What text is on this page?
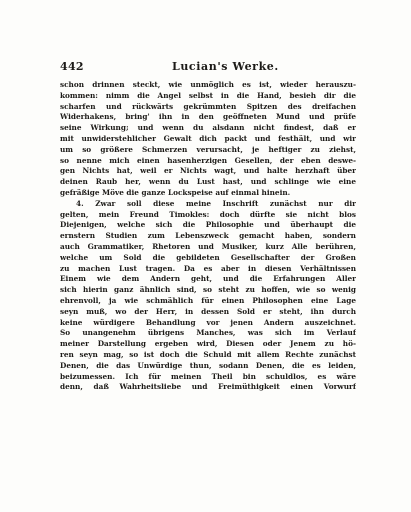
442	Lucian's Werke.
schon drinnen steckt, wie unmöglich es ist, wieder herauszu-
kommen: nimm die Angel selbst in die Hand, besieh dir die
scharfen und rückwärts gekrümmten Spitzen des dreifachen
Widerhakens, bring' ihn in den geöffneten Mund und prüfe
seine Wirkung; und wenn du alsdann nicht findest, daß er
mit unwiderstehlicher Gewalt dich packt und festhält, und wir
um so größere Schmerzen verursacht, je heftiger zu ziehst,
so nenne mich einen hasenherzigen Gesellen, der eben deswe-
gen Nichts hat, weil er Nichts wagt, und halte herzhaft über
deinen Raub her, wenn du Lust hast, und schlinge wie eine
gefräßige Möve die ganze Lockspeise auf einmal hinein.
4. Zwar soll diese meine Inschrift zunächst nur dir
gelten, mein Freund Timokles: doch dürfte sie nicht blos
Diejenigen, welche sich die Philosophie und überhaupt die
ernstern Studien zum Lebenszweck gemacht haben, sondern
auch Grammatiker, Rhetoren und Musiker, kurz Alle berühren,
welche um Sold die gebildeten Gesellschafter der Großen
zu machen Lust tragen. Da es aber in diesen Verhältnissen
Einem wie dem Andern geht, und die Erfahrungen Aller
sich hierin ganz ähnlich sind, so steht zu hoffen, wie so wenig
ehrenvoll, ja wie schmählich für einen Philosophen eine Lage
seyn muß, wo der Herr, in dessen Sold er steht, ihn durch
keine würdigere Behandlung vor jenen Andern auszeichnet.
So unangenehm übrigens Manches, was sich im Verlauf
meiner Darstellung ergeben wird, Diesen oder Jenem zu hö-
ren seyn mag, so ist doch die Schuld mit allem Rechte zunächst
Denen, die das Unwürdige thun, sodann Denen, die es leiden,
beizumessen. Ich für meinen Theil bin schuldlos, es wäre
denn, daß Wahrheitsliebe und Freimüthigkeit einen Vorwurf
